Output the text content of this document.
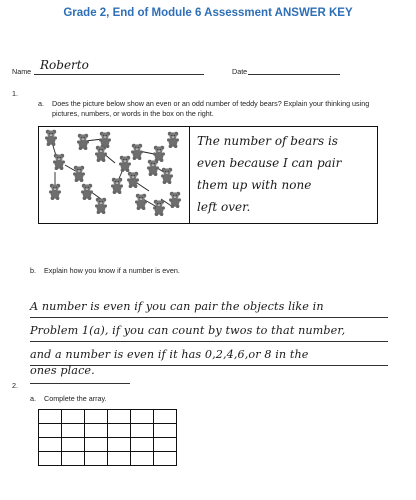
Grade 2, End of Module 6 Assessment ANSWER KEY
Name Roberto	Date
1.
a. Does the picture below show an even or an odd number of teddy bears? Explain your thinking using
pictures, numbers, or words in the box on the right.
The number of bears is
even because I can pair
them up with none
left over.
b. Explain how you know if a number is even.
A number is even if you can pair the objects like in
Problem 1(a), if you can count by twos to that number,
and a number is even if it has 0,2,4,6,or 8 in the
ones place.
2.
a. Complete the array.
